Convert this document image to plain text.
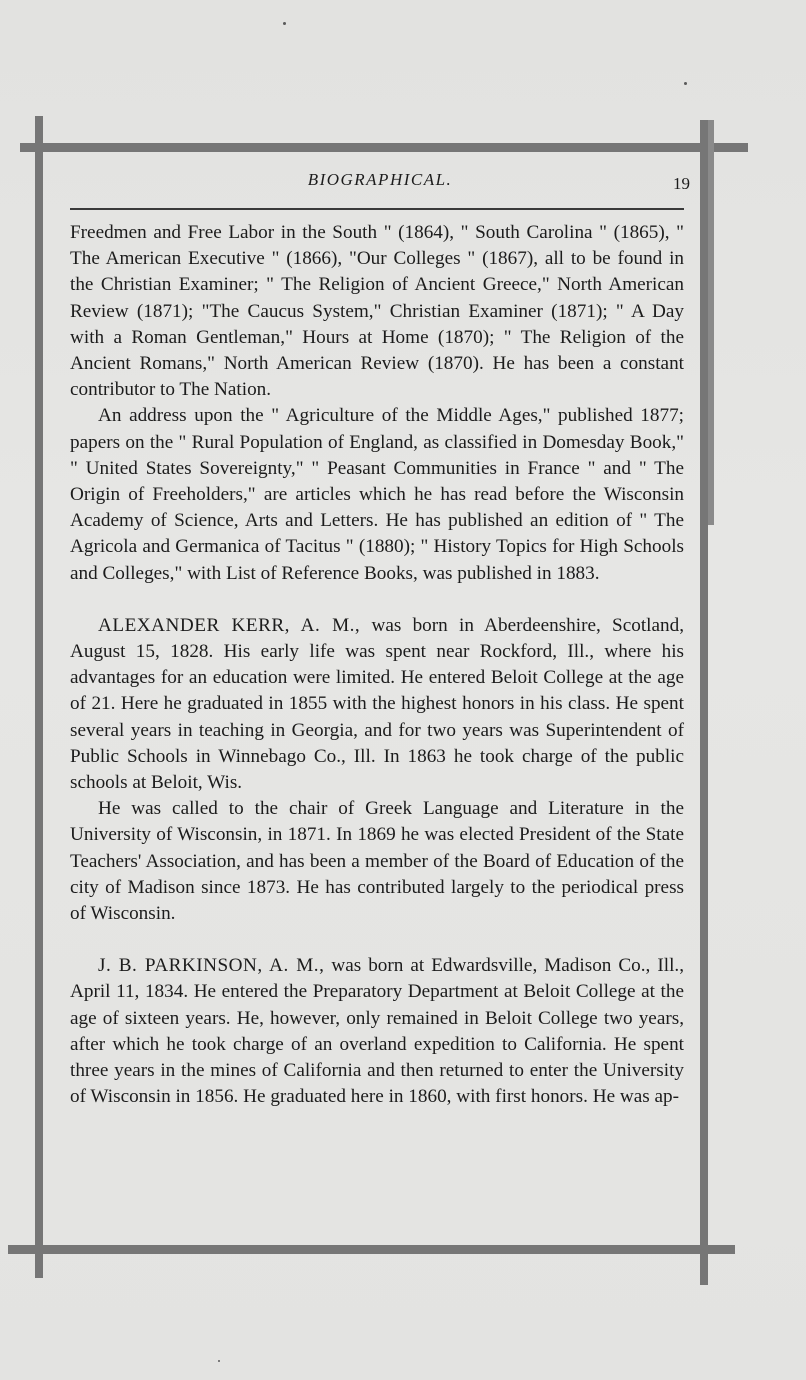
BIOGRAPHICAL.	19

Freedmen and Free Labor in the South " (1864), " South Carolina " (1865), " The American Executive " (1866), "Our Colleges " (1867), all to be found in the Christian Examiner; " The Religion of Ancient Greece," North American Review (1871); "The Caucus System," Christian Examiner (1871); " A Day with a Roman Gentleman," Hours at Home (1870); " The Religion of the Ancient Romans," North American Review (1870). He has been a constant contributor to The Nation.

An address upon the " Agriculture of the Middle Ages," published 1877; papers on the " Rural Population of England, as classified in Domesday Book," " United States Sovereignty," " Peasant Communities in France " and " The Origin of Freeholders," are articles which he has read before the Wisconsin Academy of Science, Arts and Letters. He has published an edition of " The Agricola and Germanica of Tacitus " (1880); " History Topics for High Schools and Colleges," with List of Reference Books, was published in 1883.

ALEXANDER KERR, A. M., was born in Aberdeenshire, Scotland, August 15, 1828. His early life was spent near Rockford, Ill., where his advantages for an education were limited. He entered Beloit College at the age of 21. Here he graduated in 1855 with the highest honors in his class. He spent several years in teaching in Georgia, and for two years was Superintendent of Public Schools in Winnebago Co., Ill. In 1863 he took charge of the public schools at Beloit, Wis.

He was called to the chair of Greek Language and Literature in the University of Wisconsin, in 1871. In 1869 he was elected President of the State Teachers' Association, and has been a member of the Board of Education of the city of Madison since 1873. He has contributed largely to the periodical press of Wisconsin.

J. B. PARKINSON, A. M., was born at Edwardsville, Madison Co., Ill., April 11, 1834. He entered the Preparatory Department at Beloit College at the age of sixteen years. He, however, only remained in Beloit College two years, after which he took charge of an overland expedition to California. He spent three years in the mines of California and then returned to enter the University of Wisconsin in 1856. He graduated here in 1860, with first honors. He was ap-
